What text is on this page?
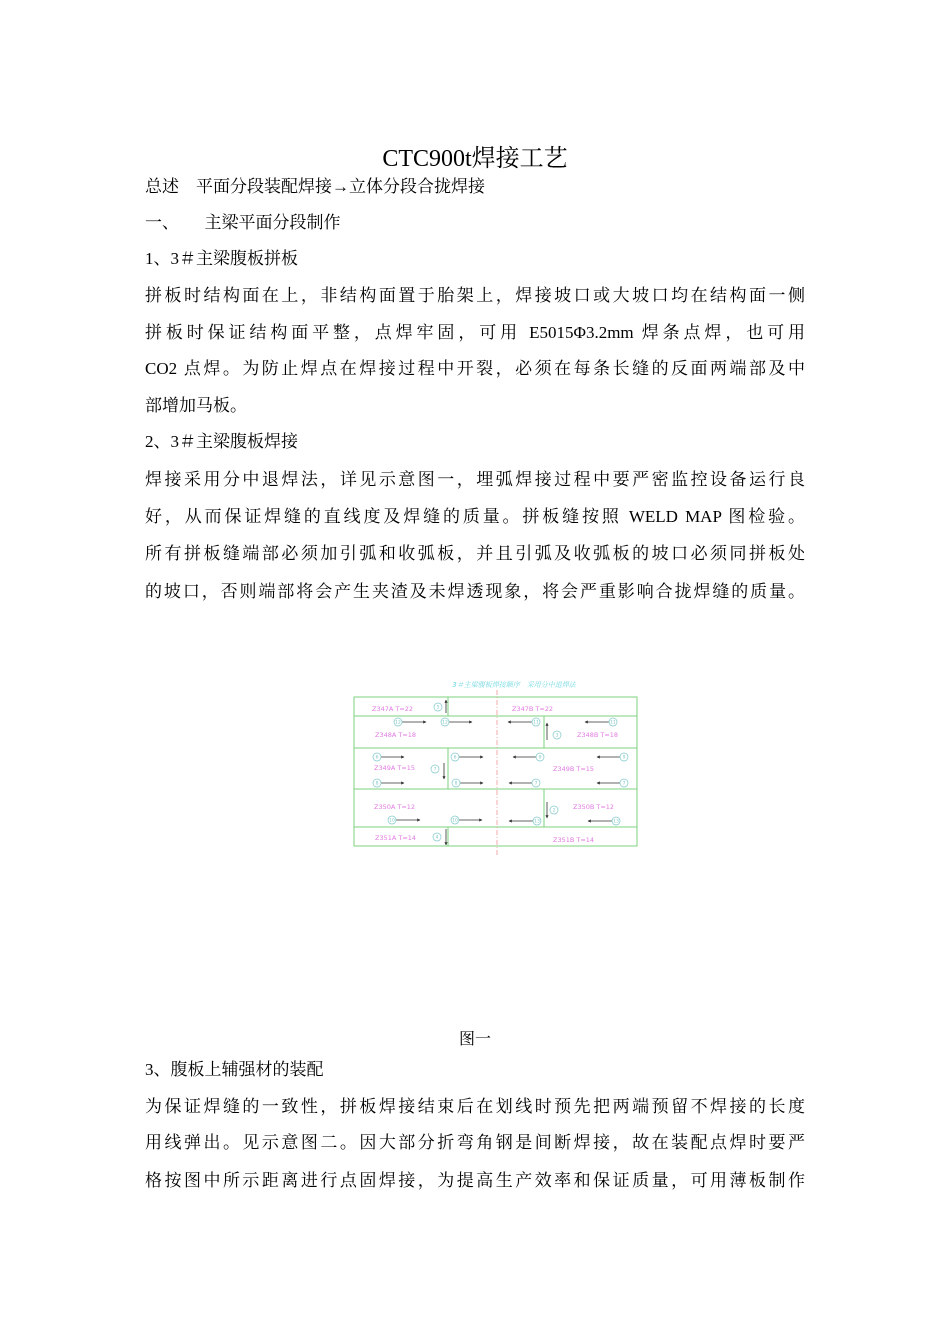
CTC900t焊接工艺
总述　平面分段装配焊接→立体分段合拢焊接
一、　　主梁平面分段制作
1、3＃主梁腹板拼板
拼板时结构面在上，非结构面置于胎架上，焊接坡口或大坡口均在结构面一侧
拼板时保证结构面平整，点焊牢固，可用 E5015Φ3.2mm 焊条点焊，也可用
CO2 点焊。为防止焊点在焊接过程中开裂，必须在每条长缝的反面两端部及中
部增加马板。
2、3＃主梁腹板焊接
焊接采用分中退焊法，详见示意图一，埋弧焊接过程中要严密监控设备运行良
好，从而保证焊缝的直线度及焊缝的质量。拼板缝按照 WELD MAP 图检验。
所有拼板缝端部必须加引弧和收弧板，并且引弧及收弧板的坡口必须同拼板处
的坡口，否则端部将会产生夹渣及未焊透现象，将会严重影响合拢焊缝的质量。
3＃主梁腹板焊接顺序　采用分中退焊法
Z347A T=22	Z347B T=22
Z348A T=18	Z348B T=18
Z349A T=15	Z349B T=15
Z350A T=12	Z350B T=12
Z351A T=14	Z351B T=14
5
12	12	11
3
11
6	6	9	9
7
8	8	7	7
10	10	13
2
13
4
图一
3、腹板上辅强材的装配
为保证焊缝的一致性，拼板焊接结束后在划线时预先把两端预留不焊接的长度
用线弹出。见示意图二。因大部分折弯角钢是间断焊接，故在装配点焊时要严
格按图中所示距离进行点固焊接，为提高生产效率和保证质量，可用薄板制作
